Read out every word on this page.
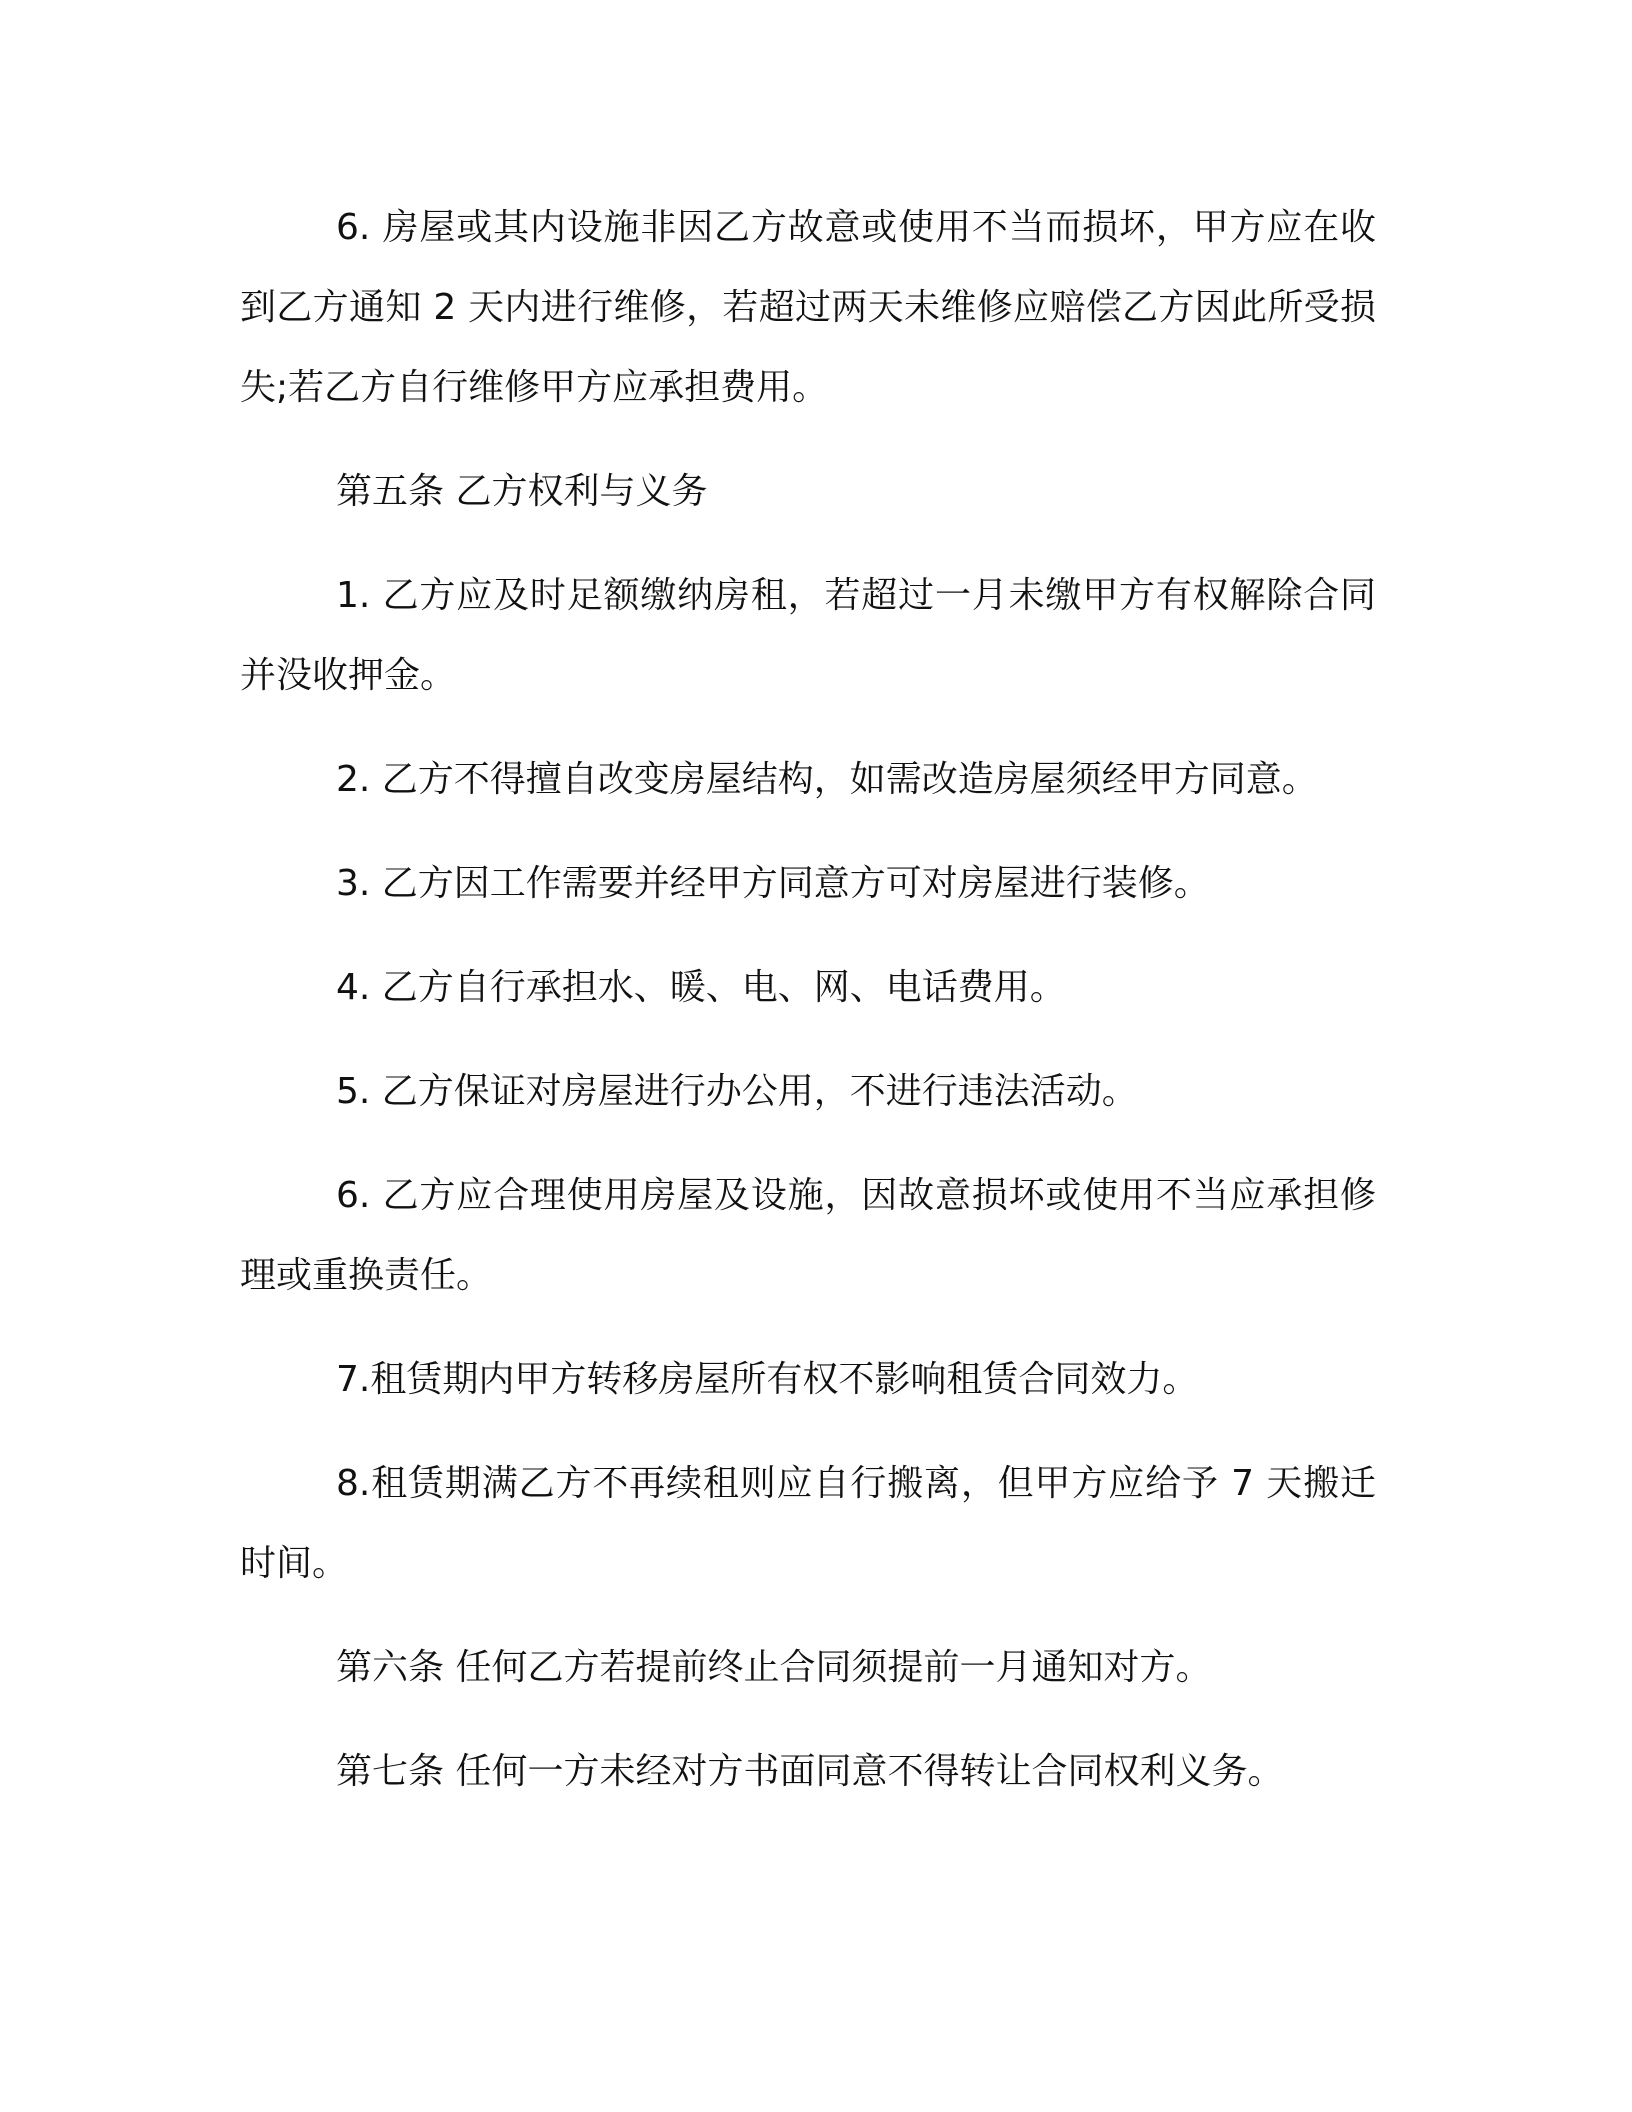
6. 房屋或其内设施非因乙方故意或使用不当而损坏，甲方应在收到乙方通知 2 天内进行维修，若超过两天未维修应赔偿乙方因此所受损失;若乙方自行维修甲方应承担费用。

第五条 乙方权利与义务

1. 乙方应及时足额缴纳房租，若超过一月未缴甲方有权解除合同并没收押金。

2. 乙方不得擅自改变房屋结构，如需改造房屋须经甲方同意。

3. 乙方因工作需要并经甲方同意方可对房屋进行装修。

4. 乙方自行承担水、暖、电、网、电话费用。

5. 乙方保证对房屋进行办公用，不进行违法活动。

6. 乙方应合理使用房屋及设施，因故意损坏或使用不当应承担修理或重换责任。

7.租赁期内甲方转移房屋所有权不影响租赁合同效力。

8.租赁期满乙方不再续租则应自行搬离，但甲方应给予 7 天搬迁时间。

第六条 任何乙方若提前终止合同须提前一月通知对方。

第七条 任何一方未经对方书面同意不得转让合同权利义务。
